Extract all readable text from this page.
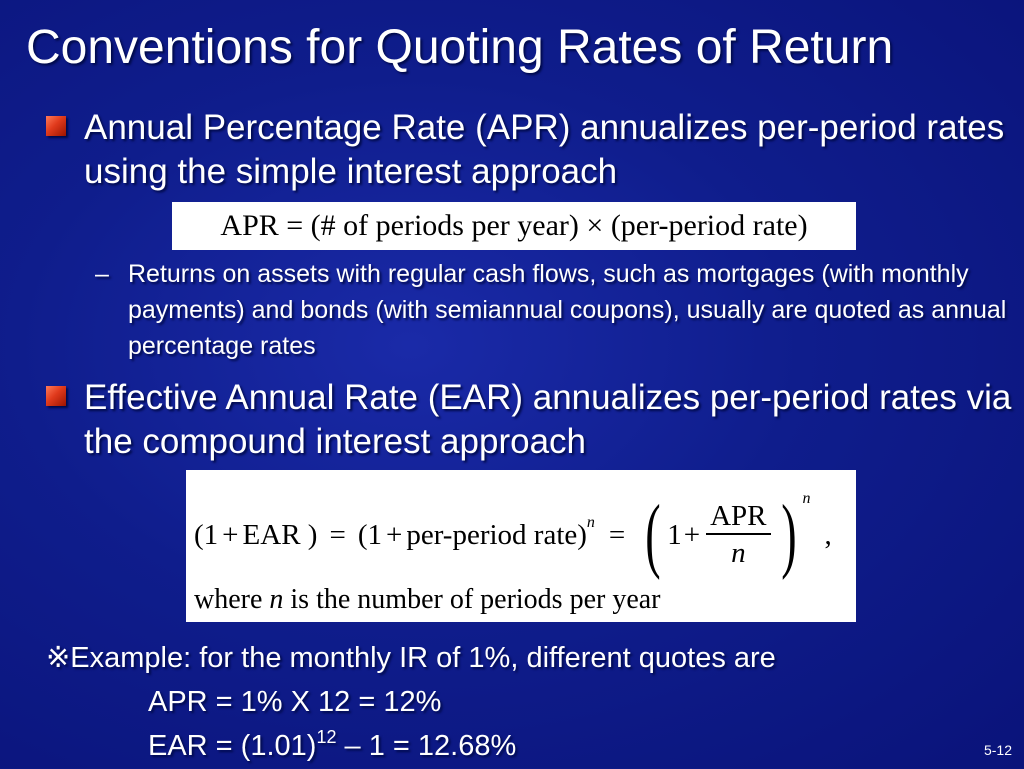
Conventions for Quoting Rates of Return
Annual Percentage Rate (APR) annualizes per-period rates using the simple interest approach
APR = (# of periods per year) × (per-period rate)
– Returns on assets with regular cash flows, such as mortgages (with monthly payments) and bonds (with semiannual coupons), usually are quoted as annual percentage rates
Effective Annual Rate (EAR) annualizes per-period rates via the compound interest approach
(1 + EAR ) = (1 + per-period rate) n = ( $1 + \frac{\text{APR}}{n}$ ) n
,
where n is the number of periods per year
※Example: for the monthly IR of 1%, different quotes are
APR = 1% X 12 = 12%
EAR = $(1.01)^{12} - 1 = 12.68\%$	5-12
